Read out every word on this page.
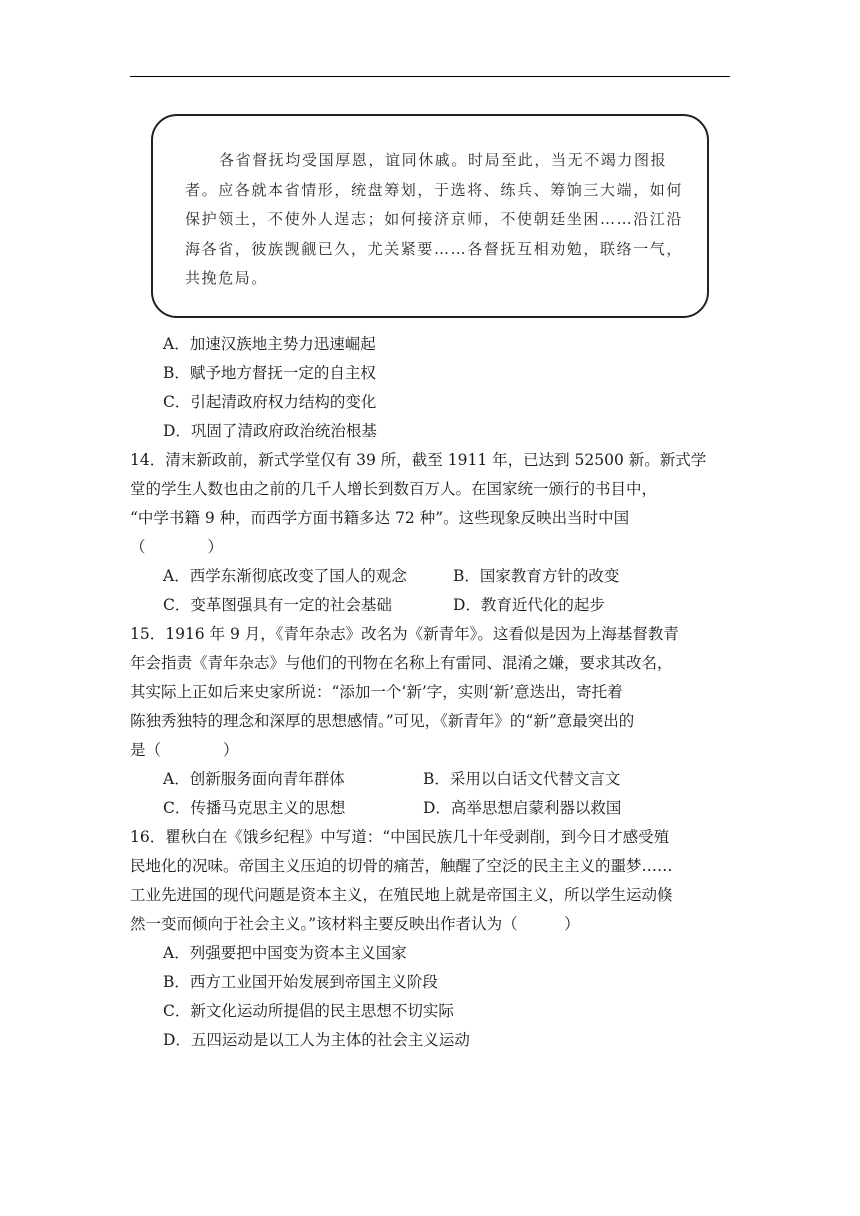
各省督抚均受国厚恩，谊同休戚。时局至此，当无不竭力图报者。应各就本省情形，统盘筹划，于选将、练兵、筹饷三大端，如何保护领土，不使外人逞志；如何接济京师，不使朝廷坐困……沿江沿海各省，彼族觊觎已久，尤关紧要……各督抚互相劝勉，联络一气，共挽危局。
A．加速汉族地主势力迅速崛起
B．赋予地方督抚一定的自主权
C．引起清政府权力结构的变化
D．巩固了清政府政治统治根基
14．清末新政前，新式学堂仅有 39 所，截至 1911 年，已达到 52500 新。新式学
堂的学生人数也由之前的几千人增长到数百万人。在国家统一颁行的书目中，
“中学书籍 9 种，而西学方面书籍多达 72 种”。这些现象反映出当时中国
（　　　　）
A．西学东渐彻底改变了国人的观念	B．国家教育方针的改变
C．变革图强具有一定的社会基础	D．教育近代化的起步
15．1916 年 9 月，《青年杂志》改名为《新青年》。这看似是因为上海基督教青
年会指责《青年杂志》与他们的刊物在名称上有雷同、混淆之嫌，要求其改名，
其实际上正如后来史家所说：“添加一个‘新’字，实则‘新’意迭出，寄托着
陈独秀独特的理念和深厚的思想感情。”可见，《新青年》的“新”意最突出的
是（　　　　）
A．创新服务面向青年群体	B．采用以白话文代替文言文
C．传播马克思主义的思想	D．高举思想启蒙利器以救国
16．瞿秋白在《饿乡纪程》中写道：“中国民族几十年受剥削，到今日才感受殖
民地化的况味。帝国主义压迫的切骨的痛苦，触醒了空泛的民主主义的噩梦……
工业先进国的现代问题是资本主义，在殖民地上就是帝国主义，所以学生运动倏
然一变而倾向于社会主义。”该材料主要反映出作者认为（　　　）
A．列强要把中国变为资本主义国家
B．西方工业国开始发展到帝国主义阶段
C．新文化运动所提倡的民主思想不切实际
D．五四运动是以工人为主体的社会主义运动
